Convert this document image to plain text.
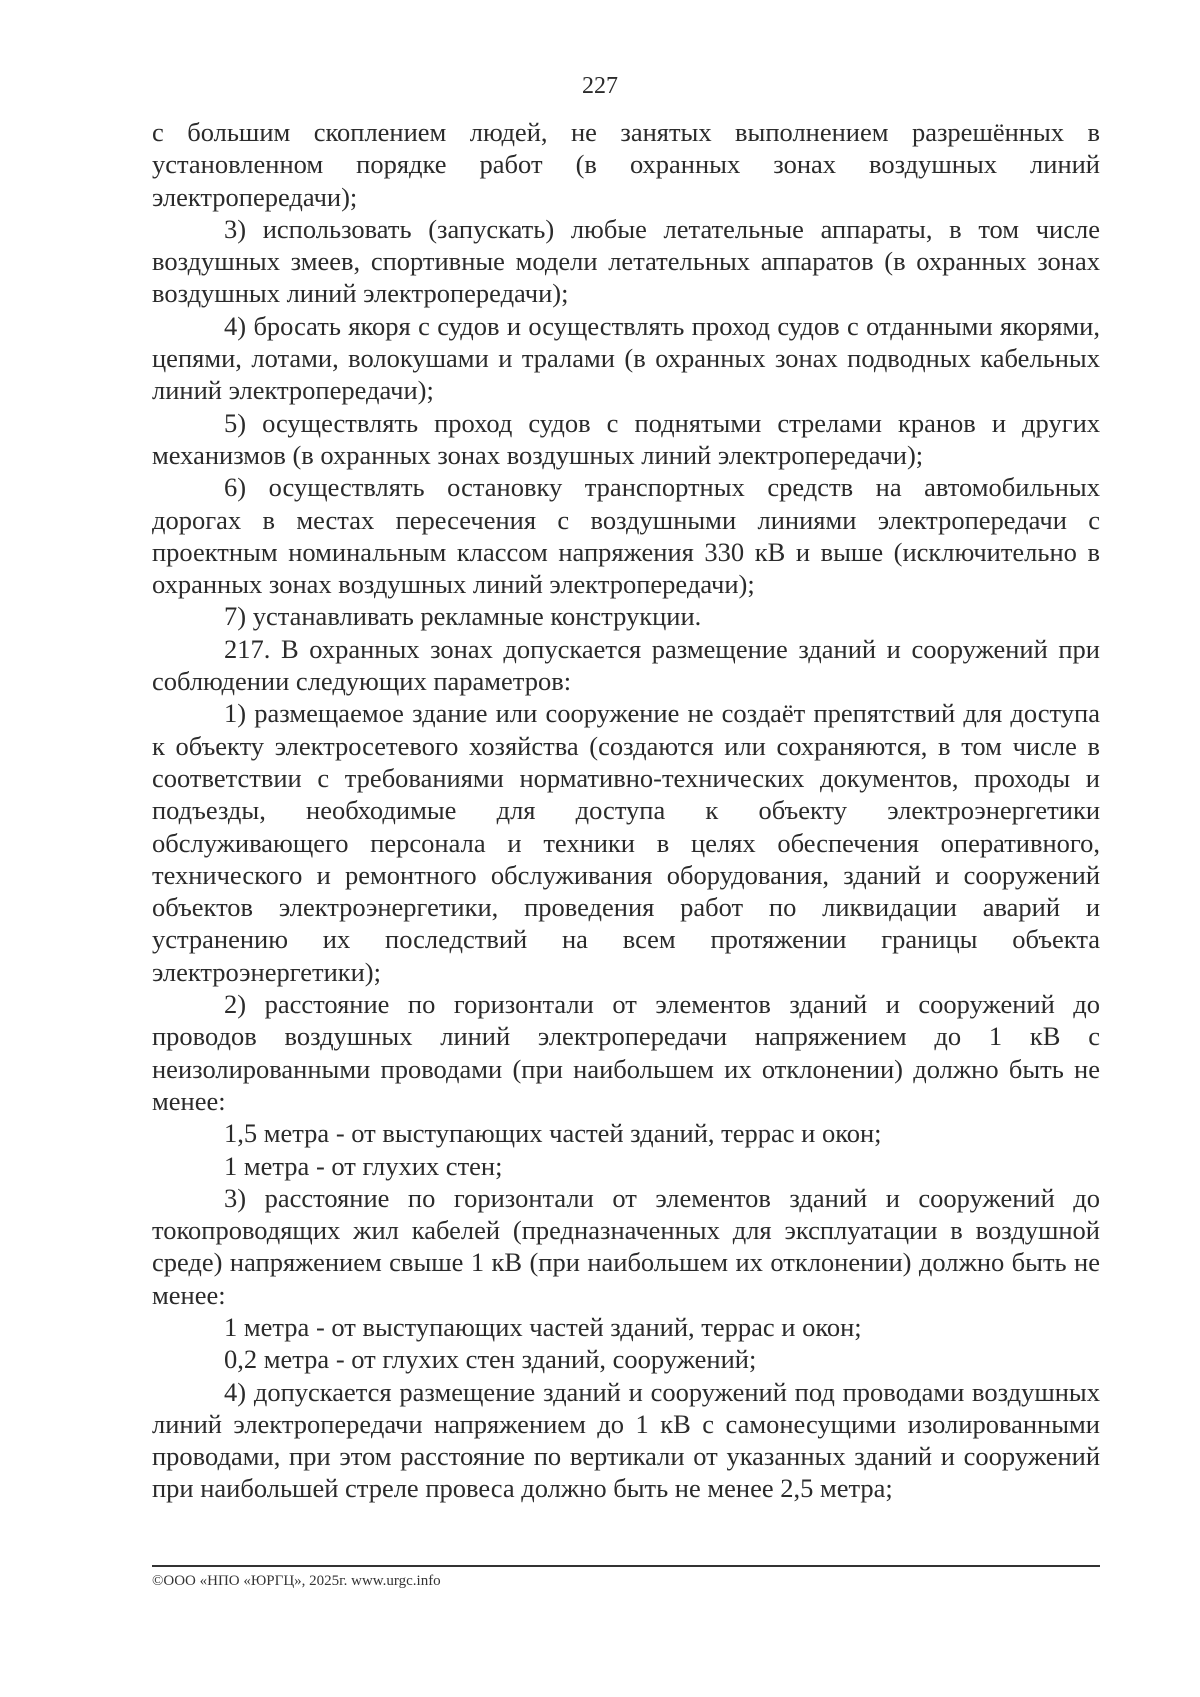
227

с большим скоплением людей, не занятых выполнением разрешённых в установленном порядке работ (в охранных зонах воздушных линий электропередачи);

3) использовать (запускать) любые летательные аппараты, в том числе воздушных змеев, спортивные модели летательных аппаратов (в охранных зонах воздушных линий электропередачи);

4) бросать якоря с судов и осуществлять проход судов с отданными якорями, цепями, лотами, волокушами и тралами (в охранных зонах подводных кабельных линий электропередачи);

5) осуществлять проход судов с поднятыми стрелами кранов и других механизмов (в охранных зонах воздушных линий электропередачи);

6) осуществлять остановку транспортных средств на автомобильных дорогах в местах пересечения с воздушными линиями электропередачи с проектным номинальным классом напряжения 330 кВ и выше (исключительно в охранных зонах воздушных линий электропередачи);

7) устанавливать рекламные конструкции.

217. В охранных зонах допускается размещение зданий и сооружений при соблюдении следующих параметров:

1) размещаемое здание или сооружение не создаёт препятствий для доступа к объекту электросетевого хозяйства (создаются или сохраняются, в том числе в соответствии с требованиями нормативно-технических документов, проходы и подъезды, необходимые для доступа к объекту электроэнергетики обслуживающего персонала и техники в целях обеспечения оперативного, технического и ремонтного обслуживания оборудования, зданий и сооружений объектов электроэнергетики, проведения работ по ликвидации аварий и устранению их последствий на всем протяжении границы объекта электроэнергетики);

2) расстояние по горизонтали от элементов зданий и сооружений до проводов воздушных линий электропередачи напряжением до 1 кВ с неизолированными проводами (при наибольшем их отклонении) должно быть не менее:

1,5 метра - от выступающих частей зданий, террас и окон;

1 метра - от глухих стен;

3) расстояние по горизонтали от элементов зданий и сооружений до токопроводящих жил кабелей (предназначенных для эксплуатации в воздушной среде) напряжением свыше 1 кВ (при наибольшем их отклонении) должно быть не менее:

1 метра - от выступающих частей зданий, террас и окон;

0,2 метра - от глухих стен зданий, сооружений;

4) допускается размещение зданий и сооружений под проводами воздушных линий электропередачи напряжением до 1 кВ с самонесущими изолированными проводами, при этом расстояние по вертикали от указанных зданий и сооружений при наибольшей стреле провеса должно быть не менее 2,5 метра;

©ООО «НПО «ЮРГЦ», 2025г. www.urgc.info
